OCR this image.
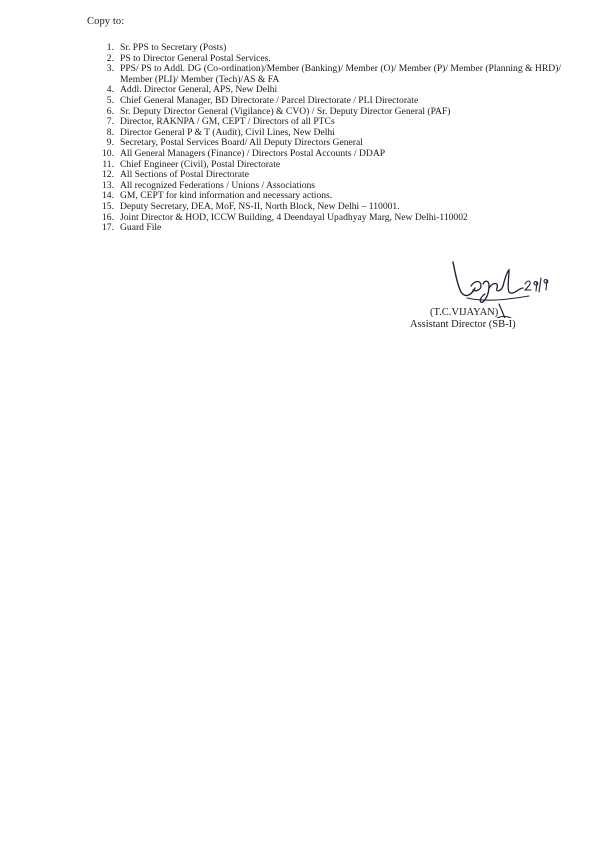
Copy to:
1. Sr. PPS to Secretary (Posts)
2. PS to Director General Postal Services.
3. PPS/ PS to Addl. DG (Co-ordination)/Member (Banking)/ Member (O)/ Member (P)/ Member (Planning & HRD)/ Member (PLI)/ Member (Tech)/AS & FA
4. Addl. Director General, APS, New Delhi
5. Chief General Manager, BD Directorate / Parcel Directorate / PLI Directorate
6. Sr. Deputy Director General (Vigilance) & CVO) / Sr. Deputy Director General (PAF)
7. Director, RAKNPA / GM, CEPT / Directors of all PTCs
8. Director General P & T (Audit), Civil Lines, New Delhi
9. Secretary, Postal Services Board/ All Deputy Directors General
10. All General Managers (Finance) / Directors Postal Accounts / DDAP
11. Chief Engineer (Civil), Postal Directorate
12. All Sections of Postal Directorate
13. All recognized Federations / Unions / Associations
14. GM, CEPT for kind information and necessary actions.
15. Deputy Secretary, DEA, MoF, NS-II, North Block, New Delhi – 110001.
16. Joint Director & HOD, ICCW Building, 4 Deendayal Upadhyay Marg, New Delhi-110002
17. Guard File
(T.C.VIJAYAN)
Assistant Director (SB-I)
